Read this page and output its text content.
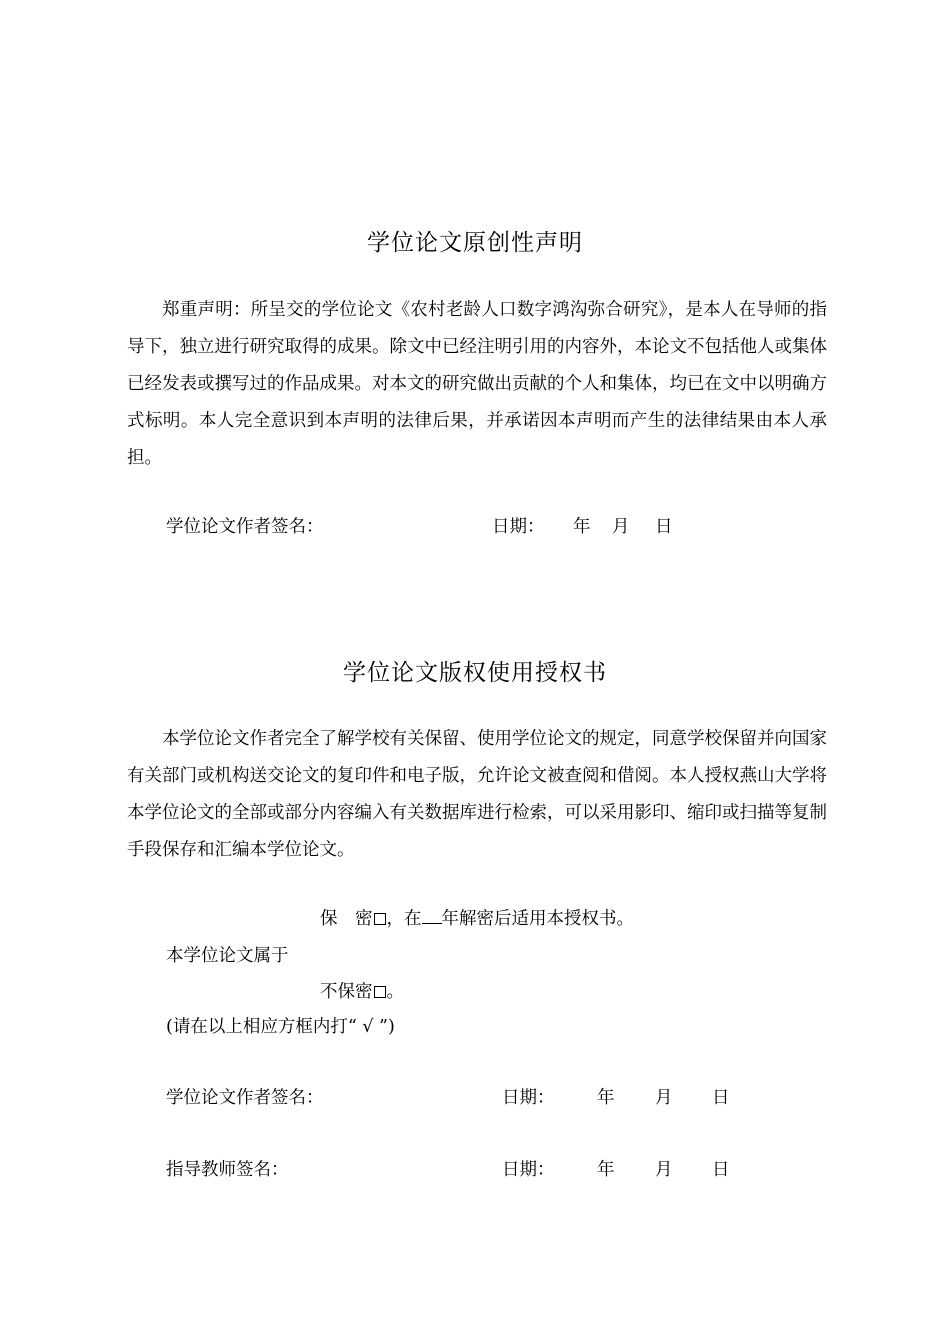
学位论文原创性声明
郑重声明：所呈交的学位论文《农村老龄人口数字鸿沟弥合研究》，是本人在导师的指导下，独立进行研究取得的成果。除文中已经注明引用的内容外，本论文不包括他人或集体已经发表或撰写过的作品成果。对本文的研究做出贡献的个人和集体，均已在文中以明确方式标明。本人完全意识到本声明的法律后果，并承诺因本声明而产生的法律结果由本人承担。
学位论文作者签名：	日期： 年 月 日
学位论文版权使用授权书
本学位论文作者完全了解学校有关保留、使用学位论文的规定，同意学校保留并向国家有关部门或机构送交论文的复印件和电子版，允许论文被查阅和借阅。本人授权燕山大学将本学位论文的全部或部分内容编入有关数据库进行检索，可以采用影印、缩印或扫描等复制手段保存和汇编本学位论文。
保　密 ，在 年解密后适用本授权书。
本学位论文属于
不保密 。
(请在以上相应方框内打“ √ ”)
学位论文作者签名：	日期： 年 月 日
指导教师签名：	日期： 年 月 日
